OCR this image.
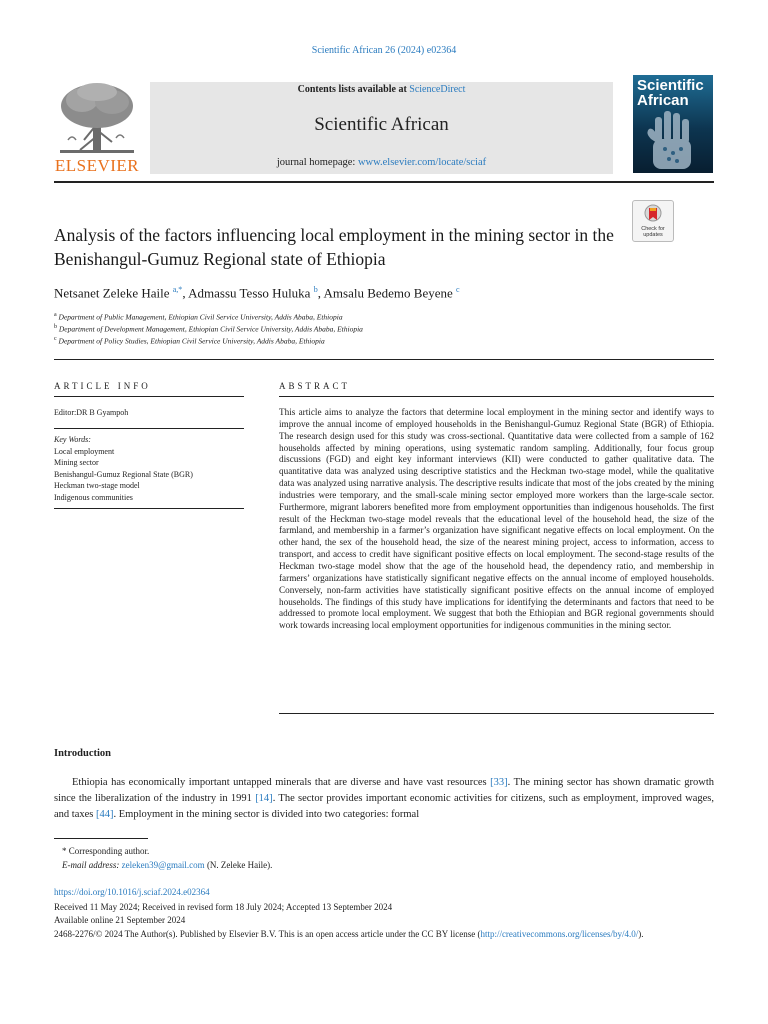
Scientific African 26 (2024) e02364
ELSEVIER
Contents lists available at ScienceDirect
Scientific African
journal homepage: www.elsevier.com/locate/sciaf
Scientific African
Check for updates
Analysis of the factors influencing local employment in the mining sector in the Benishangul-Gumuz Regional state of Ethiopia
Netsanet Zeleke Haile $^{a,*}$, Admassu Tesso Huluka $^b$, Amsalu Bedemo Beyene $^c$
$^a$ Department of Public Management, Ethiopian Civil Service University, Addis Ababa, Ethiopia
$^b$ Department of Development Management, Ethiopian Civil Service University, Addis Ababa, Ethiopia
$^c$ Department of Policy Studies, Ethiopian Civil Service University, Addis Ababa, Ethiopia
ARTICLE INFO	ABSTRACT
Editor:DR B Gyampoh
Key Words:
Local employment
Mining sector
Benishangul-Gumuz Regional State (BGR)
Heckman two-stage model
Indigenous communities
This article aims to analyze the factors that determine local employment in the mining sector and identify ways to improve the annual income of employed households in the Benishangul-Gumuz Regional State (BGR) of Ethiopia. The research design used for this study was cross-sectional. Quantitative data were collected from a sample of 162 households affected by mining operations, using systematic random sampling. Additionally, four focus group discussions (FGD) and eight key informant interviews (KII) were conducted to gather qualitative data. The quantitative data was analyzed using descriptive statistics and the Heckman two-stage model, while the qualitative data was analyzed using narrative analysis. The descriptive results indicate that most of the jobs created by the mining industries were temporary, and the small-scale mining sector employed more workers than the large-scale sector. Furthermore, migrant laborers benefited more from employment opportunities than indigenous households. The first result of the Heckman two-stage model reveals that the educational level of the household head, the size of the farmland, and membership in a farmer’s organization have significant negative effects on local employment. On the other hand, the sex of the household head, the size of the nearest mining project, access to information, access to transport, and access to credit have significant positive effects on local employment. The second-stage results of the Heckman two-stage model show that the age of the household head, the dependency ratio, and membership in farmers’ organizations have statistically significant negative effects on the annual income of employed households. Conversely, non-farm activities have statistically significant positive effects on the annual income of employed households. The findings of this study have implications for identifying the determinants and factors that need to be addressed to promote local employment. We suggest that both the Ethiopian and BGR regional governments should work towards increasing local employment opportunities for indigenous communities in the mining sector.
Introduction
Ethiopia has economically important untapped minerals that are diverse and have vast resources [33]. The mining sector has shown dramatic growth since the liberalization of the industry in 1991 [14]. The sector provides important economic activities for citizens, such as employment, improved wages, and taxes [44]. Employment in the mining sector is divided into two categories: formal
* Corresponding author.
E-mail address: zeleken39@gmail.com (N. Zeleke Haile).
https://doi.org/10.1016/j.sciaf.2024.e02364
Received 11 May 2024; Received in revised form 18 July 2024; Accepted 13 September 2024
Available online 21 September 2024
2468-2276/© 2024 The Author(s). Published by Elsevier B.V. This is an open access article under the CC BY license (http://creativecommons.org/licenses/by/4.0/).
